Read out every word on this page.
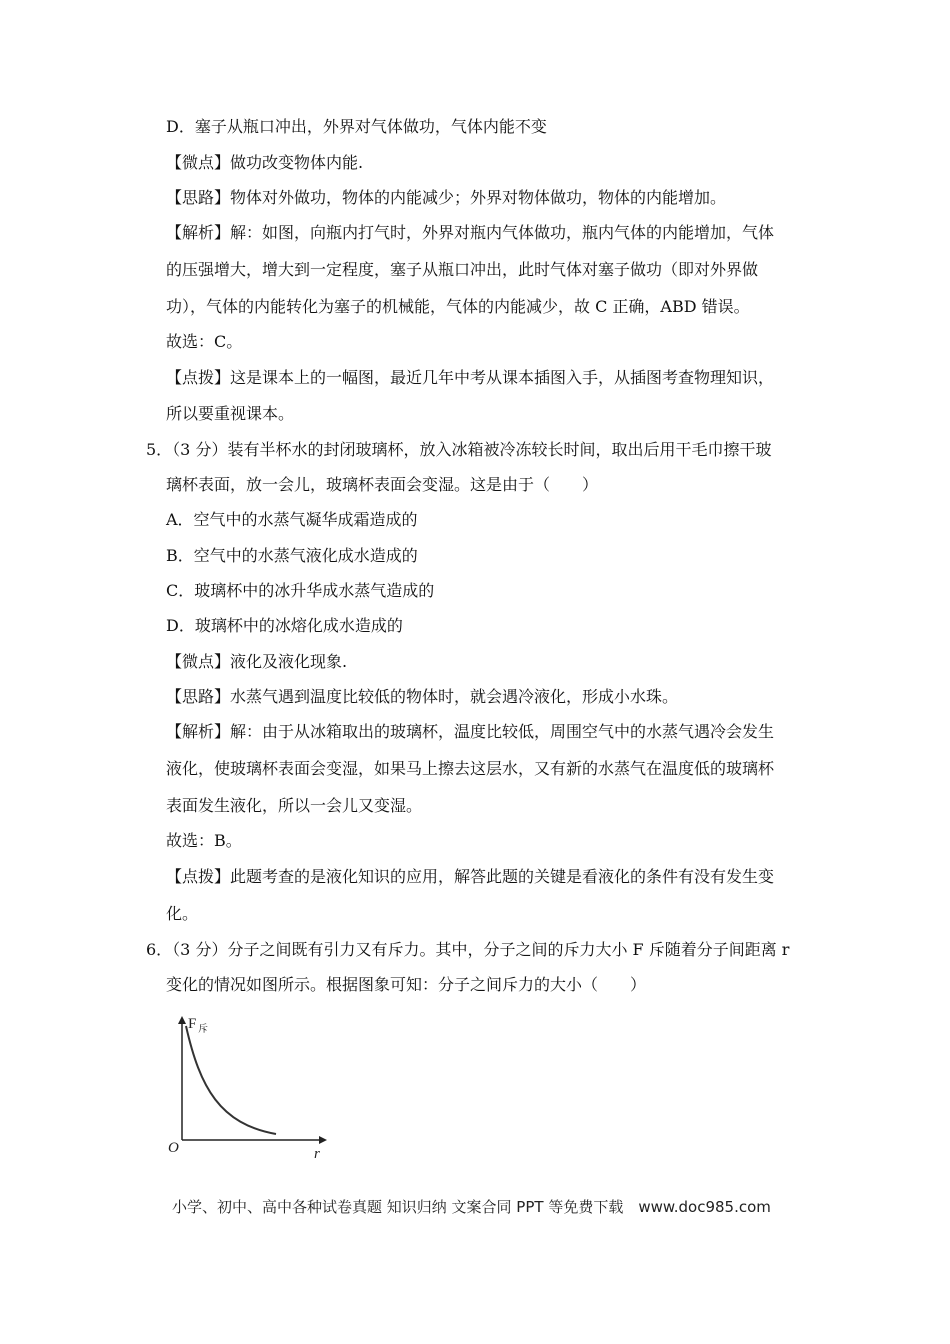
D．塞子从瓶口冲出，外界对气体做功，气体内能不变
【微点】做功改变物体内能.
【思路】物体对外做功，物体的内能减少；外界对物体做功，物体的内能增加。
【解析】解：如图，向瓶内打气时，外界对瓶内气体做功，瓶内气体的内能增加，气体
的压强增大，增大到一定程度，塞子从瓶口冲出，此时气体对塞子做功（即对外界做
功），气体的内能转化为塞子的机械能，气体的内能减少，故 C 正确，ABD 错误。
故选：C。
【点拨】这是课本上的一幅图，最近几年中考从课本插图入手，从插图考查物理知识，
所以要重视课本。
5．（3 分）装有半杯水的封闭玻璃杯，放入冰箱被冷冻较长时间，取出后用干毛巾擦干玻
璃杯表面，放一会儿，玻璃杯表面会变湿。这是由于（　　）
A．空气中的水蒸气凝华成霜造成的
B．空气中的水蒸气液化成水造成的
C．玻璃杯中的冰升华成水蒸气造成的
D．玻璃杯中的冰熔化成水造成的
【微点】液化及液化现象.
【思路】水蒸气遇到温度比较低的物体时，就会遇冷液化，形成小水珠。
【解析】解：由于从冰箱取出的玻璃杯，温度比较低，周围空气中的水蒸气遇冷会发生
液化，使玻璃杯表面会变湿，如果马上擦去这层水，又有新的水蒸气在温度低的玻璃杯
表面发生液化，所以一会儿又变湿。
故选：B。
【点拨】此题考查的是液化知识的应用，解答此题的关键是看液化的条件有没有发生变
化。
6．（3 分）分子之间既有引力又有斥力。其中，分子之间的斥力大小 F 斥随着分子间距离 r
变化的情况如图所示。根据图象可知：分子之间斥力的大小（　　）
F 斥
O	r
小学、初中、高中各种试卷真题 知识归纳 文案合同 PPT 等免费下载　www.doc985.com
